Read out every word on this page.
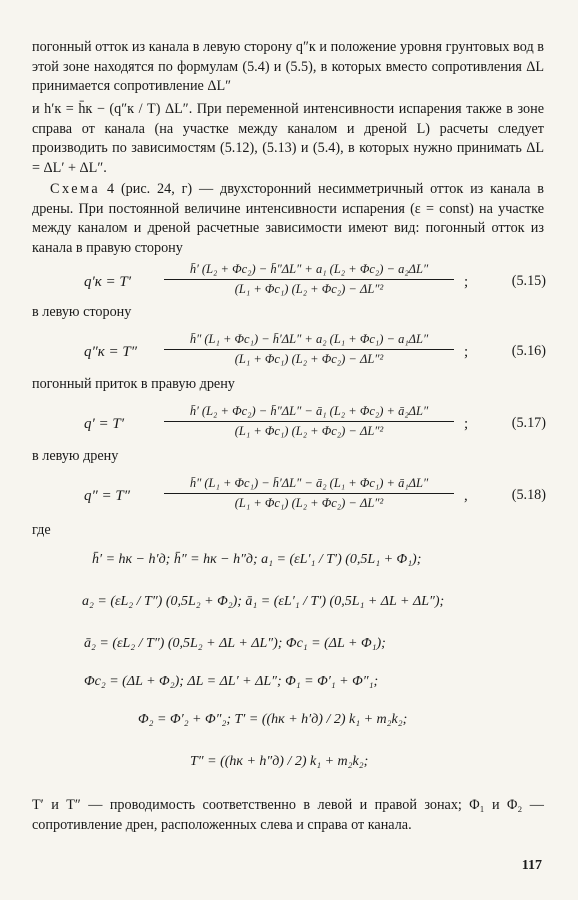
погонный отток из канала в левую сторону q″к и положение уровня грунтовых вод в этой зоне находятся по формулам (5.4) и (5.5), в которых вместо сопротивления ΔL принимается сопротивление ΔL″
и h′к = h̄к − (q″к / T) ΔL″. При переменной интенсивности испарения также в зоне справа от канала (на участке между каналом и дреной L) расчеты следует производить по зависимостям (5.12), (5.13) и (5.4), в которых нужно принимать ΔL = ΔL′ + ΔL″.
Схема 4 (рис. 24, г) — двухсторонний несимметричный отток из канала в дрены. При постоянной величине интенсивности испарения (ε = const) на участке между каналом и дреной расчетные зависимости имеют вид: погонный отток из канала в правую сторону
q′к = T′	$\frac{\text{h̄′ (L₂ + Φc₂) − h̄″ΔL″ + a₁ (L₂ + Φc₂) − a₂ΔL″}}{\text{(L₁ + Φc₁) (L₂ + Φc₂) − ΔL″²}}$ ;	(5.15)
в левую сторону
$q''к = T'' \frac{\text{h̄″ (L₁ + Φc₁) − h̄′ΔL″ + a₂ (L₁ + Φc₁) − a₁ΔL″}}{\text{(L₁ + Φc₁) (L₂ + Φc₂) − ΔL″²}}$ ;	(5.16)
погонный приток в правую дрену
q′ = T′	$\frac{\text{h̄′ (L₂ + Φc₂) − h̄″ΔL″ − ā₁ (L₂ + Φc₂) + ā₂ΔL″}}{\text{(L₁ + Φc₁) (L₂ + Φc₂) − ΔL″²}}$ ;	(5.17)
в левую дрену
q″ = T″	$\frac{\text{h̄″ (L₁ + Φc₁) − h̄′ΔL″ − ā₂ (L₁ + Φc₁) + ā₁ΔL″}}{\text{(L₁ + Φc₁) (L₂ + Φc₂) − ΔL″²}}$ ,	(5.18)
где
h̄′ = hк − h′д; h̄″ = hк − h″д; a₁ = (εL′₁ / T′) (0,5L₁ + Φ₁);
a₂ = (εL₂ / T″) (0,5L₂ + Φ₂); ā₁ = (εL′₁ / T′) (0,5L₁ + ΔL + ΔL″);
ā₂ = (εL₂ / T″) (0,5L₂ + ΔL + ΔL″); Φc₁ = (ΔL + Φ₁);
Φc₂ = (ΔL + Φ₂); ΔL = ΔL′ + ΔL″; Φ₁ = Φ′₁ + Φ″₁;
Φ₂ = Φ′₂ + Φ″₂; T′ = ((hк + h′д) / 2) k₁ + m₂k₂;
T″ = ((hк + h″д) / 2) k₁ + m₂k₂;
T′ и T″ — проводимость соответственно в левой и правой зонах; Φ₁ и Φ₂ — сопротивление дрен, расположенных слева и справа от канала.
117
